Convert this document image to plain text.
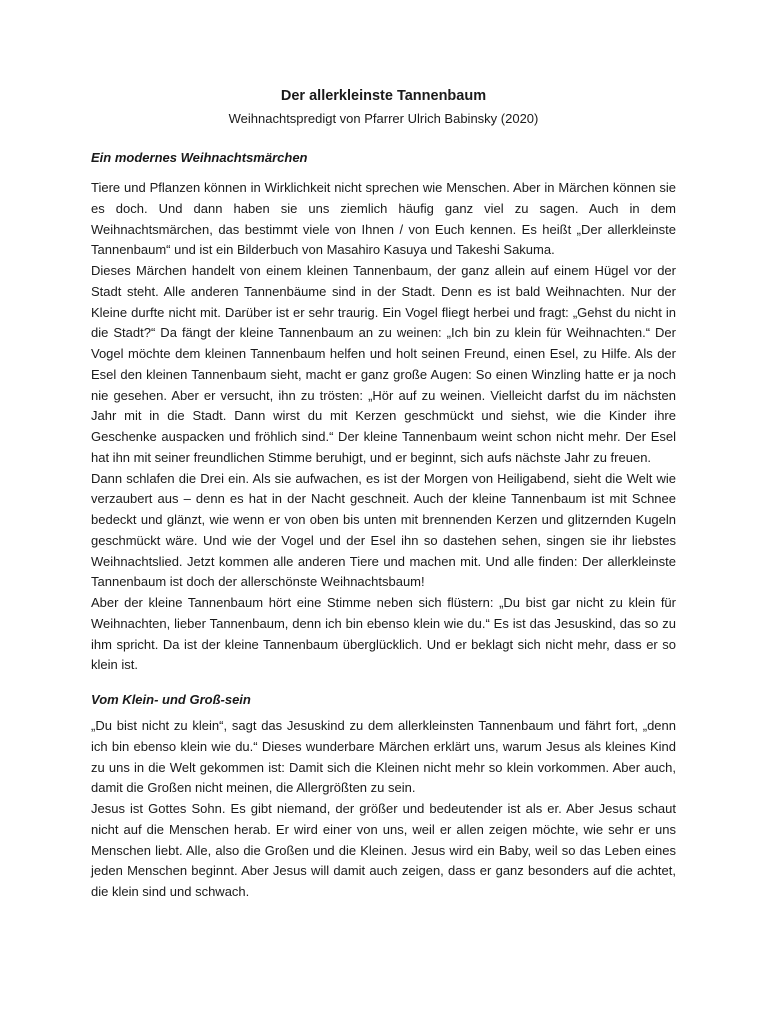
Der allerkleinste Tannenbaum
Weihnachtspredigt von Pfarrer Ulrich Babinsky (2020)
Ein modernes Weihnachtsmärchen

Tiere und Pflanzen können in Wirklichkeit nicht sprechen wie Menschen. Aber in Märchen können sie es doch. Und dann haben sie uns ziemlich häufig ganz viel zu sagen. Auch in dem Weihnachtsmärchen, das bestimmt viele von Ihnen / von Euch kennen. Es heißt „Der allerkleinste Tannenbaum“ und ist ein Bilderbuch von Masahiro Kasuya und Takeshi Sakuma.

Dieses Märchen handelt von einem kleinen Tannenbaum, der ganz allein auf einem Hügel vor der Stadt steht. Alle anderen Tannenbäume sind in der Stadt. Denn es ist bald Weihnachten. Nur der Kleine durfte nicht mit. Darüber ist er sehr traurig. Ein Vogel fliegt herbei und fragt: „Gehst du nicht in die Stadt?“ Da fängt der kleine Tannenbaum an zu weinen: „Ich bin zu klein für Weihnachten.“ Der Vogel möchte dem kleinen Tannenbaum helfen und holt seinen Freund, einen Esel, zu Hilfe. Als der Esel den kleinen Tannenbaum sieht, macht er ganz große Augen: So einen Winzling hatte er ja noch nie gesehen. Aber er versucht, ihn zu trösten: „Hör auf zu weinen. Vielleicht darfst du im nächsten Jahr mit in die Stadt. Dann wirst du mit Kerzen geschmückt und siehst, wie die Kinder ihre Geschenke auspacken und fröhlich sind.“ Der kleine Tannenbaum weint schon nicht mehr. Der Esel hat ihn mit seiner freundlichen Stimme beruhigt, und er beginnt, sich aufs nächste Jahr zu freuen.

Dann schlafen die Drei ein. Als sie aufwachen, es ist der Morgen von Heiligabend, sieht die Welt wie verzaubert aus – denn es hat in der Nacht geschneit. Auch der kleine Tannenbaum ist mit Schnee bedeckt und glänzt, wie wenn er von oben bis unten mit brennenden Kerzen und glitzernden Kugeln geschmückt wäre. Und wie der Vogel und der Esel ihn so dastehen sehen, singen sie ihr liebstes Weihnachtslied. Jetzt kommen alle anderen Tiere und machen mit. Und alle finden: Der allerkleinste Tannenbaum ist doch der allerschönste Weihnachtsbaum!

Aber der kleine Tannenbaum hört eine Stimme neben sich flüstern: „Du bist gar nicht zu klein für Weihnachten, lieber Tannenbaum, denn ich bin ebenso klein wie du.“ Es ist das Jesuskind, das so zu ihm spricht. Da ist der kleine Tannenbaum überglücklich. Und er beklagt sich nicht mehr, dass er so klein ist.

Vom Klein- und Groß-sein

„Du bist nicht zu klein“, sagt das Jesuskind zu dem allerkleinsten Tannenbaum und fährt fort, „denn ich bin ebenso klein wie du.“ Dieses wunderbare Märchen erklärt uns, warum Jesus als kleines Kind zu uns in die Welt gekommen ist: Damit sich die Kleinen nicht mehr so klein vorkommen. Aber auch, damit die Großen nicht meinen, die Allergrößten zu sein.

Jesus ist Gottes Sohn. Es gibt niemand, der größer und bedeutender ist als er. Aber Jesus schaut nicht auf die Menschen herab. Er wird einer von uns, weil er allen zeigen möchte, wie sehr er uns Menschen liebt. Alle, also die Großen und die Kleinen. Jesus wird ein Baby, weil so das Leben eines jeden Menschen beginnt. Aber Jesus will damit auch zeigen, dass er ganz besonders auf die achtet, die klein sind und schwach.
